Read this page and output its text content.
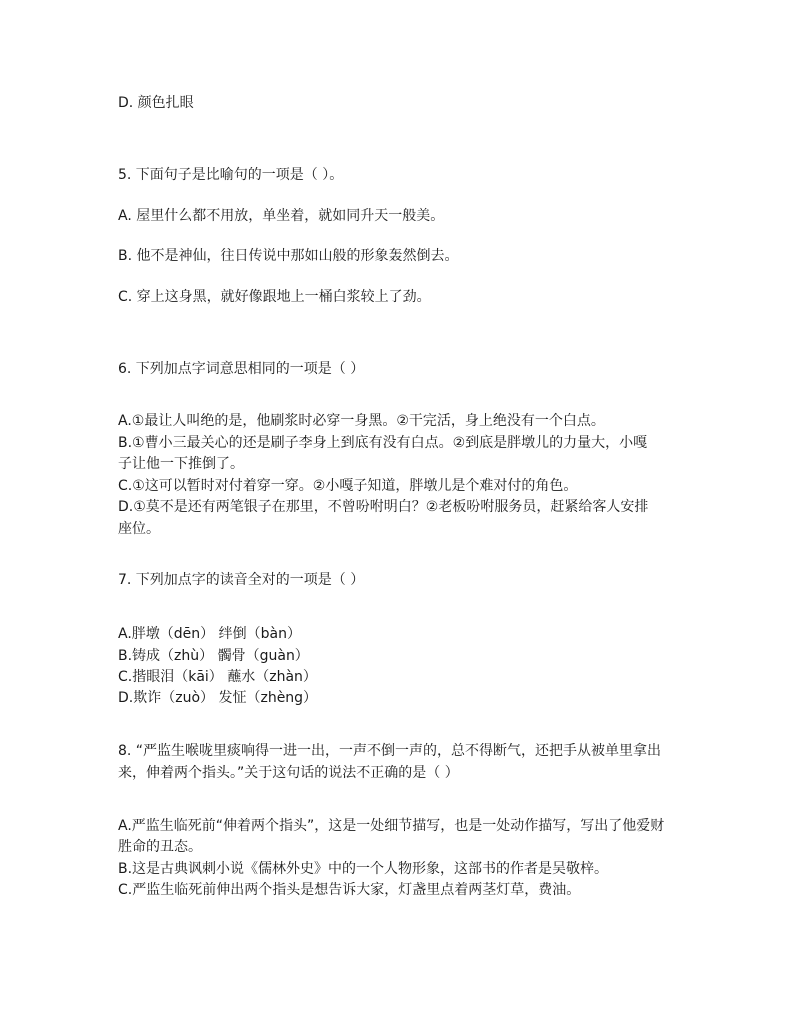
D. 颜色扎眼
5. 下面句子是比喻句的一项是（ ）。
A. 屋里什么都不用放，单坐着，就如同升天一般美。
B. 他不是神仙，往日传说中那如山般的形象轰然倒去。
C. 穿上这身黑，就好像跟地上一桶白浆较上了劲。
6. 下列加点字词意思相同的一项是（ ）
A.①最让人叫绝的是，他刷浆时必穿一身黑。②干完活，身上绝没有一个白点。
B.①曹小三最关心的还是刷子李身上到底有没有白点。②到底是胖墩儿的力量大，小嘎
子让他一下推倒了。
C.①这可以暂时对付着穿一穿。②小嘎子知道，胖墩儿是个难对付的角色。
D.①莫不是还有两笔银子在那里，不曾吩咐明白？②老板吩咐服务员，赶紧给客人安排
座位。
7. 下列加点字的读音全对的一项是（ ）
A.胖墩（dēn） 绊倒（bàn）
B.铸成（zhù） 髑骨（guàn）
C.揩眼泪（kāi） 蘸水（zhàn）
D.欺诈（zuò） 发怔（zhèng）
8. “严监生喉咙里痰响得一进一出，一声不倒一声的，总不得断气，还把手从被单里拿出
来，伸着两个指头。”关于这句话的说法不正确的是（ ）
A.严监生临死前“伸着两个指头”，这是一处细节描写，也是一处动作描写，写出了他爱财
胜命的丑态。
B.这是古典讽刺小说《儒林外史》中的一个人物形象，这部书的作者是吴敬梓。
C.严监生临死前伸出两个指头是想告诉大家，灯盏里点着两茎灯草，费油。
